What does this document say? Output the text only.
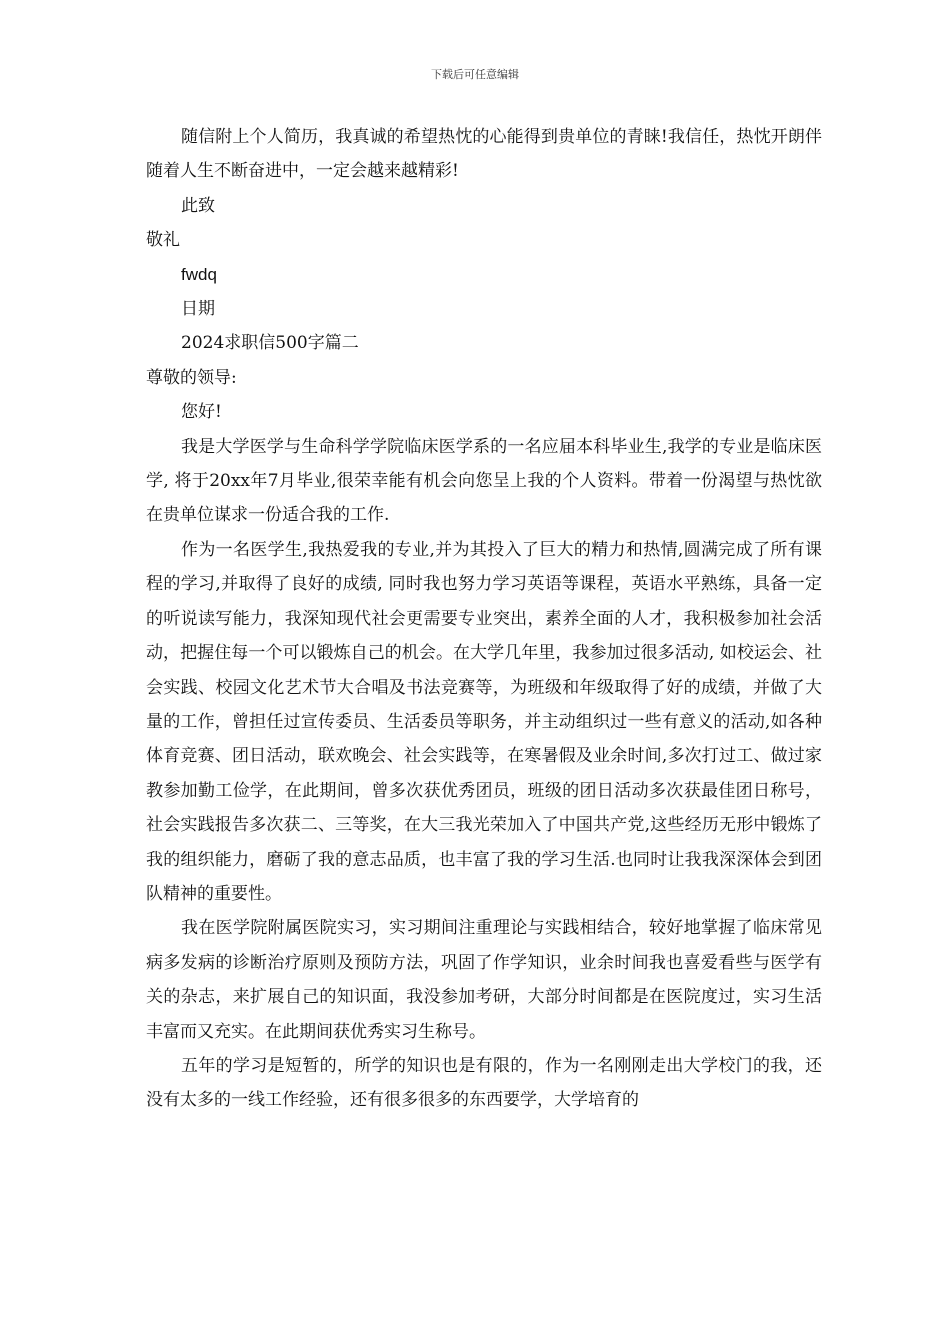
下载后可任意编辑

随信附上个人简历，我真诚的希望热忱的心能得到贵单位的青睐!我信任，热忱开朗伴随着人生不断奋进中，一定会越来越精彩!

此致

敬礼

fwdq

日期

2024求职信500字篇二

尊敬的领导:

您好!

我是大学医学与生命科学学院临床医学系的一名应届本科毕业生,我学的专业是临床医学, 将于20xx年7月毕业,很荣幸能有机会向您呈上我的个人资料。带着一份渴望与热忱欲在贵单位谋求一份适合我的工作.

作为一名医学生,我热爱我的专业,并为其投入了巨大的精力和热情,圆满完成了所有课程的学习,并取得了良好的成绩, 同时我也努力学习英语等课程，英语水平熟练，具备一定的听说读写能力，我深知现代社会更需要专业突出，素养全面的人才，我积极参加社会活动，把握住每一个可以锻炼自己的机会。在大学几年里，我参加过很多活动, 如校运会、社会实践、校园文化艺术节大合唱及书法竞赛等，为班级和年级取得了好的成绩，并做了大量的工作，曾担任过宣传委员、生活委员等职务，并主动组织过一些有意义的活动,如各种体育竞赛、团日活动，联欢晚会、社会实践等，在寒暑假及业余时间,多次打过工、做过家教参加勤工俭学，在此期间，曾多次获优秀团员，班级的团日活动多次获最佳团日称号，社会实践报告多次获二、三等奖，在大三我光荣加入了中国共产党,这些经历无形中锻炼了我的组织能力，磨砺了我的意志品质，也丰富了我的学习生活.也同时让我我深深体会到团队精神的重要性。

我在医学院附属医院实习，实习期间注重理论与实践相结合，较好地掌握了临床常见病多发病的诊断治疗原则及预防方法，巩固了作学知识，业余时间我也喜爱看些与医学有关的杂志，来扩展自己的知识面，我没参加考研，大部分时间都是在医院度过，实习生活丰富而又充实。在此期间获优秀实习生称号。

五年的学习是短暂的，所学的知识也是有限的，作为一名刚刚走出大学校门的我，还没有太多的一线工作经验，还有很多很多的东西要学，大学培育的
